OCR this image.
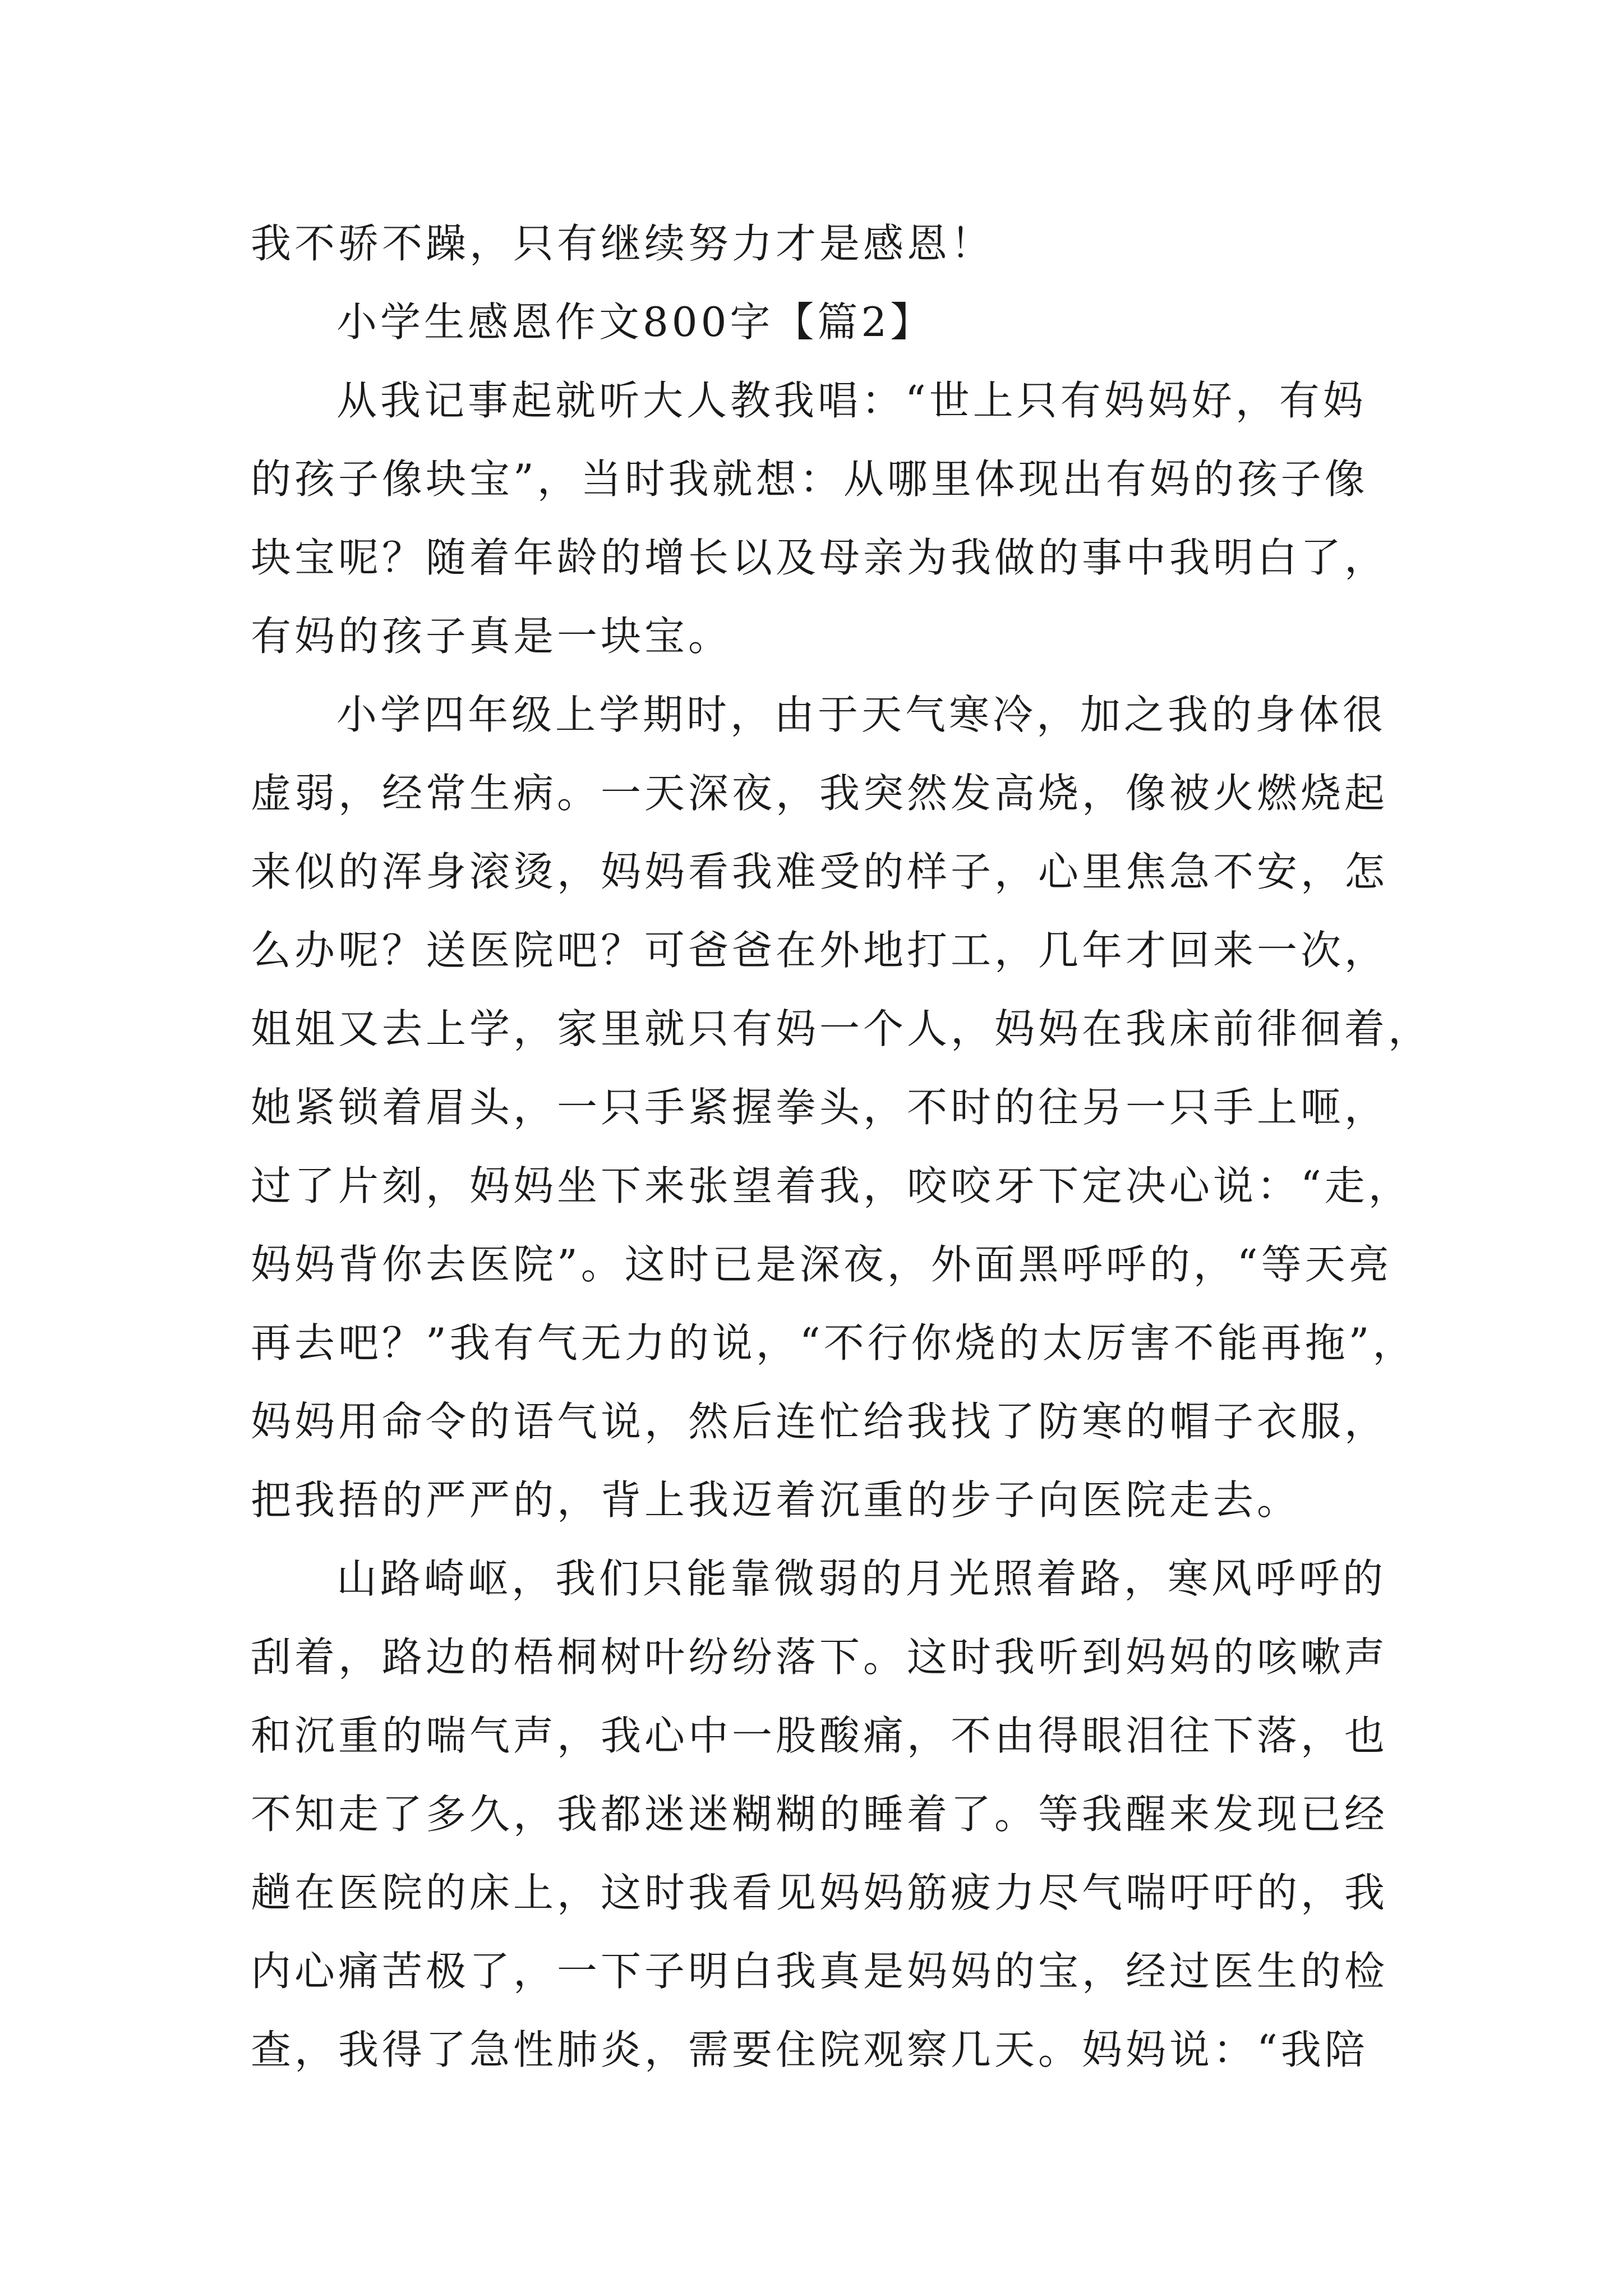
我不骄不躁，只有继续努力才是感恩！
小学生感恩作文800字【篇2】
从我记事起就听大人教我唱：“世上只有妈妈好，有妈
的孩子像块宝”，当时我就想：从哪里体现出有妈的孩子像
块宝呢？随着年龄的增长以及母亲为我做的事中我明白了，
有妈的孩子真是一块宝。
小学四年级上学期时，由于天气寒冷，加之我的身体很
虚弱，经常生病。一天深夜，我突然发高烧，像被火燃烧起
来似的浑身滚烫，妈妈看我难受的样子，心里焦急不安，怎
么办呢？送医院吧？可爸爸在外地打工，几年才回来一次，
姐姐又去上学，家里就只有妈一个人，妈妈在我床前徘徊着，
她紧锁着眉头，一只手紧握拳头，不时的往另一只手上咂，
过了片刻，妈妈坐下来张望着我，咬咬牙下定决心说：“走，
妈妈背你去医院”。这时已是深夜，外面黑呼呼的，“等天亮
再去吧？”我有气无力的说，“不行你烧的太厉害不能再拖”，
妈妈用命令的语气说，然后连忙给我找了防寒的帽子衣服，
把我捂的严严的，背上我迈着沉重的步子向医院走去。
山路崎岖，我们只能靠微弱的月光照着路，寒风呼呼的
刮着，路边的梧桐树叶纷纷落下。这时我听到妈妈的咳嗽声
和沉重的喘气声，我心中一股酸痛，不由得眼泪往下落，也
不知走了多久，我都迷迷糊糊的睡着了。等我醒来发现已经
趟在医院的床上，这时我看见妈妈筋疲力尽气喘吁吁的，我
内心痛苦极了，一下子明白我真是妈妈的宝，经过医生的检
查，我得了急性肺炎，需要住院观察几天。妈妈说：“我陪
